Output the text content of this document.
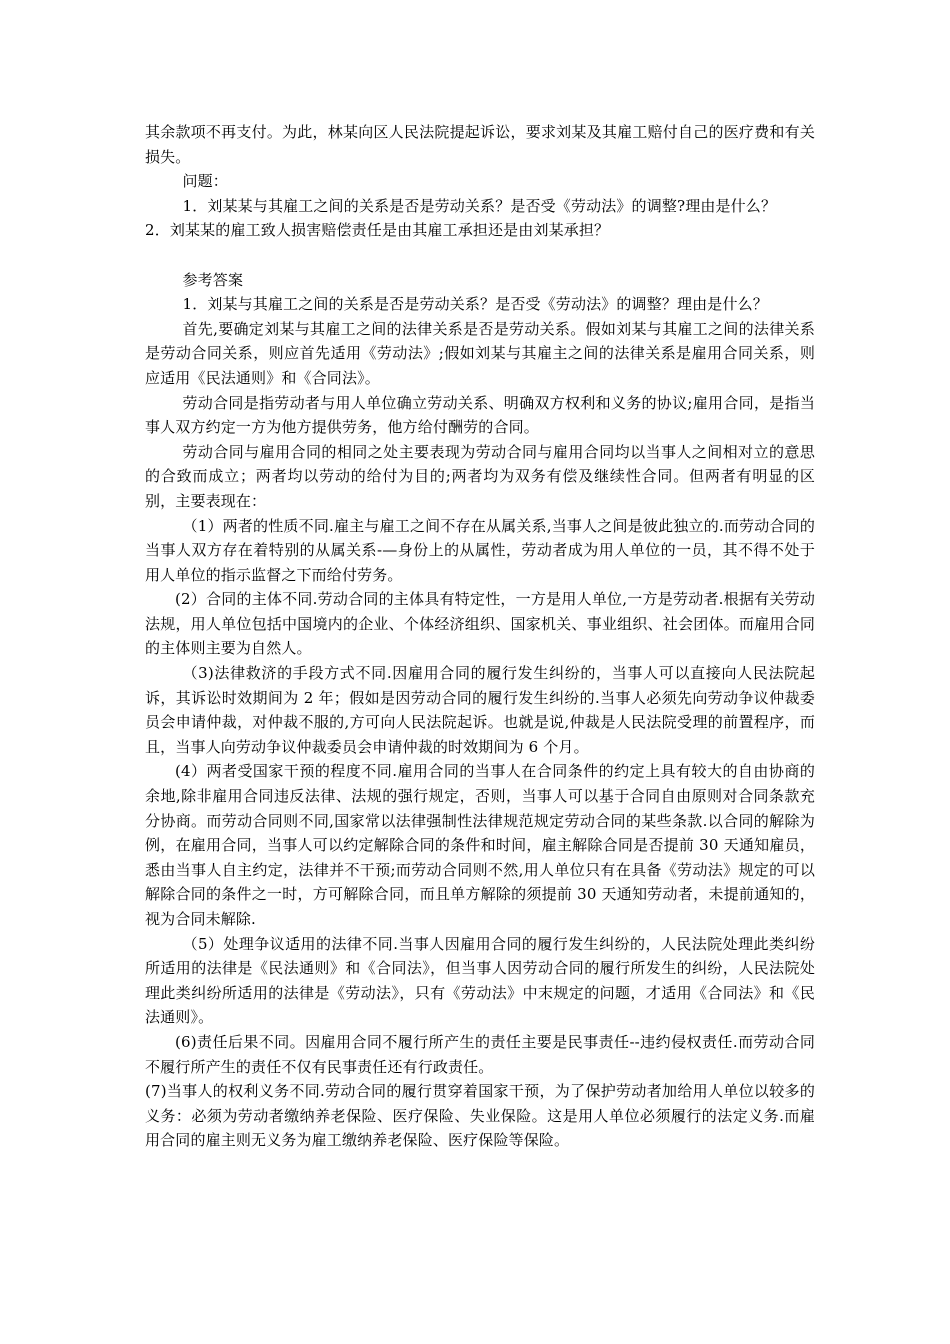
其余款项不再支付。为此，林某向区人民法院提起诉讼，要求刘某及其雇工赔付自己的医疗费和有关损失。

问题：

1．刘某某与其雇工之间的关系是否是劳动关系？是否受《劳动法》的调整?理由是什么？

2．刘某某的雇工致人损害赔偿责任是由其雇工承担还是由刘某承担？

参考答案

1．刘某与其雇工之间的关系是否是劳动关系？是否受《劳动法》的调整？理由是什么？

首先,要确定刘某与其雇工之间的法律关系是否是劳动关系。假如刘某与其雇工之间的法律关系是劳动合同关系，则应首先适用《劳动法》;假如刘某与其雇主之间的法律关系是雇用合同关系，则应适用《民法通则》和《合同法》。

劳动合同是指劳动者与用人单位确立劳动关系、明确双方权利和义务的协议;雇用合同，是指当事人双方约定一方为他方提供劳务，他方给付酬劳的合同。

劳动合同与雇用合同的相同之处主要表现为劳动合同与雇用合同均以当事人之间相对立的意思的合致而成立；两者均以劳动的给付为目的;两者均为双务有偿及继续性合同。但两者有明显的区别，主要表现在：

（1）两者的性质不同.雇主与雇工之间不存在从属关系,当事人之间是彼此独立的.而劳动合同的当事人双方存在着特别的从属关系-—身份上的从属性，劳动者成为用人单位的一员，其不得不处于用人单位的指示监督之下而给付劳务。

(2）合同的主体不同.劳动合同的主体具有特定性，一方是用人单位,一方是劳动者.根据有关劳动法规，用人单位包括中国境内的企业、个体经济组织、国家机关、事业组织、社会团体。而雇用合同的主体则主要为自然人。

（3)法律救济的手段方式不同.因雇用合同的履行发生纠纷的，当事人可以直接向人民法院起诉，其诉讼时效期间为 2 年；假如是因劳动合同的履行发生纠纷的.当事人必须先向劳动争议仲裁委员会申请仲裁，对仲裁不服的,方可向人民法院起诉。也就是说,仲裁是人民法院受理的前置程序，而且，当事人向劳动争议仲裁委员会申请仲裁的时效期间为 6 个月。

(4）两者受国家干预的程度不同.雇用合同的当事人在合同条件的约定上具有较大的自由协商的余地,除非雇用合同违反法律、法规的强行规定，否则，当事人可以基于合同自由原则对合同条款充分协商。而劳动合同则不同,国家常以法律强制性法律规范规定劳动合同的某些条款.以合同的解除为例，在雇用合同，当事人可以约定解除合同的条件和时间，雇主解除合同是否提前 30 天通知雇员，悉由当事人自主约定，法律并不干预;而劳动合同则不然,用人单位只有在具备《劳动法》规定的可以解除合同的条件之一时，方可解除合同，而且单方解除的须提前 30 天通知劳动者，未提前通知的，视为合同未解除.

（5）处理争议适用的法律不同.当事人因雇用合同的履行发生纠纷的，人民法院处理此类纠纷所适用的法律是《民法通则》和《合同法》，但当事人因劳动合同的履行所发生的纠纷，人民法院处理此类纠纷所适用的法律是《劳动法》，只有《劳动法》中末规定的问题，才适用《合同法》和《民法通则》。

(6)责任后果不同。因雇用合同不履行所产生的责任主要是民事责任--违约侵权责任.而劳动合同不履行所产生的责任不仅有民事责任还有行政责任。

(7)当事人的权利义务不同.劳动合同的履行贯穿着国家干预，为了保护劳动者加给用人单位以较多的义务：必须为劳动者缴纳养老保险、医疗保险、失业保险。这是用人单位必须履行的法定义务.而雇用合同的雇主则无义务为雇工缴纳养老保险、医疗保险等保险。
